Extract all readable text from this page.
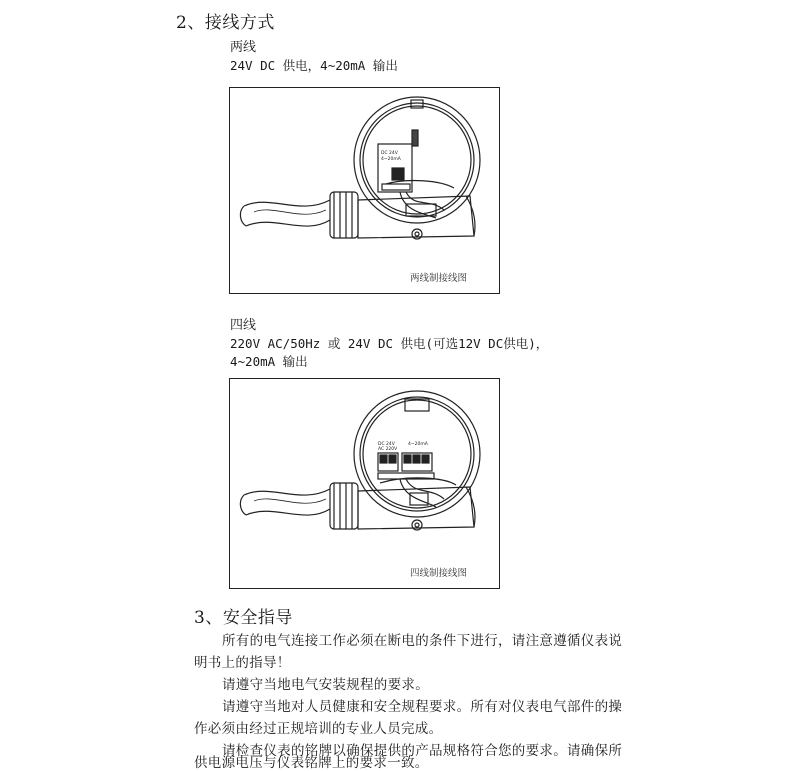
2、接线方式
两线
24V DC 供电，4~20mA 输出
DC 24V
4~20mA
两线制接线图
四线
220V AC/50Hz 或 24V DC 供电(可选12V DC供电)，
4~20mA 输出
DC 24V
AC 220V
4~20mA
四线制接线图
3、安全指导
所有的电气连接工作必须在断电的条件下进行，请注意遵循仪表说
明书上的指导！
请遵守当地电气安装规程的要求。
请遵守当地对人员健康和安全规程要求。所有对仪表电气部件的操
作必须由经过正规培训的专业人员完成。
请检查仪表的铭牌以确保提供的产品规格符合您的要求。请确保所
供电源电压与仪表铭牌上的要求一致。
